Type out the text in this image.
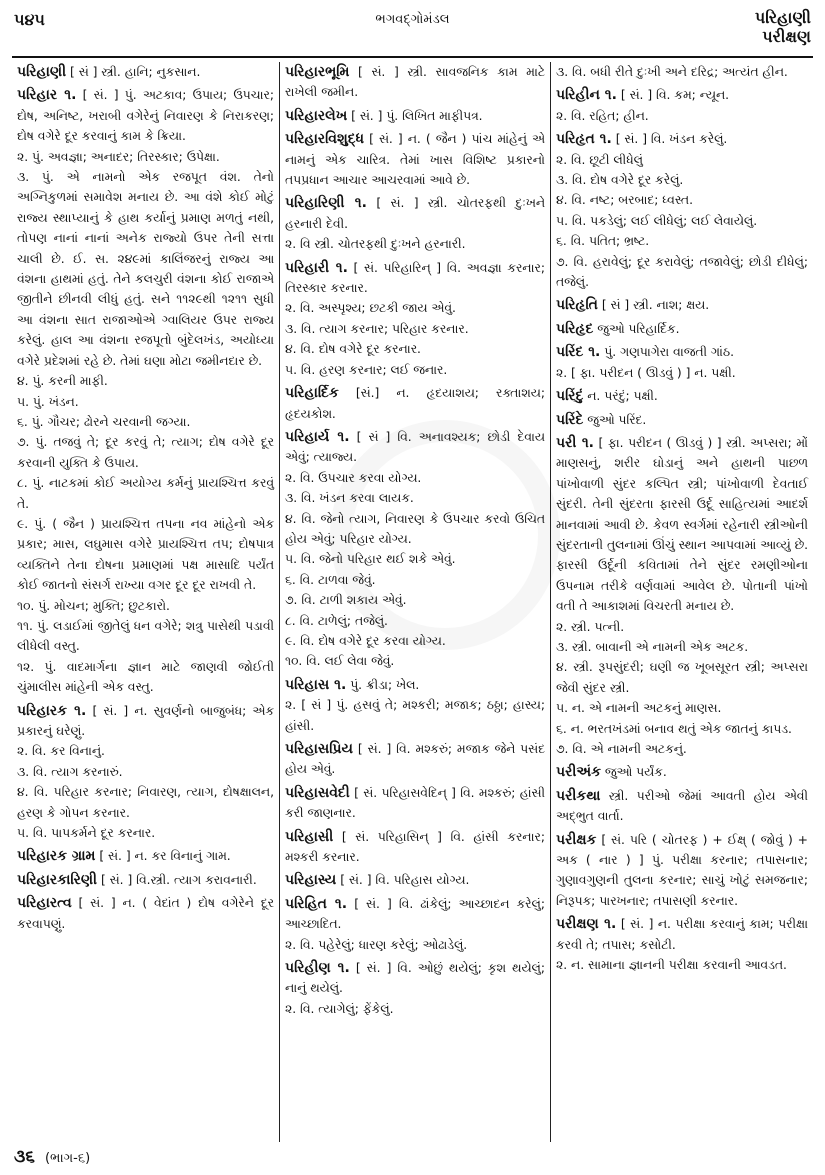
૫૪૫	ભગવદ્ગોમંડલ	પરિહાણી
પરીક્ષણ
પરિહાણી [ સં ] સ્ત્રી. હાનિ; નુકસાન.
પરિહાર ૧. [ સં. ] પું. અટકાવ; ઉપાય; ઉપચાર; દોષ, અનિષ્ટ, ખરાબી વગેરેનું નિવારણ કે નિરાકરણ; દોષ વગેરે દૂર કરવાનું કામ કે ક્રિયા.
૨. પું. અવજ્ઞા; અનાદર; તિરસ્કાર; ઉપેક્ષા.
૩. પું. એ નામનો એક રજપૂત વંશ. તેનો અગ્નિકુળમાં સમાવેશ મનાય છે. આ વંશે કોઈ મોટું રાજ્ય સ્થાપ્યાનું કે હાથ કર્યાનું પ્રમાણ મળતું નથી, તોપણ નાનાં નાનાં અનેક રાજ્યો ઉપર તેની સત્તા ચાલી છે. ઈ. સ. ૨૪૯માં કાલિંજરનું રાજ્ય આ વંશના હાથમાં હતું. તેને કલચુરી વંશના કોઈ રાજાએ જીતીને છીનવી લીધું હતું. સને ૧૧૨૯થી ૧૨૧૧ સુધી આ વંશના સાત રાજાઓએ ગ્વાલિયર ઉપર રાજ્ય કરેલું. હાલ આ વંશના રજપૂતો બુંદેલખંડ, અયોધ્યા વગેરે પ્રદેશમાં રહે છે. તેમાં ઘણા મોટા જમીનદાર છે.
૪. પું. કરની માફી.
૫. પું. ખંડન.
૬. પું. ગૌચર; ઢોરને ચરવાની જગ્યા.
૭. પું. તજવું તે; દૂર કરવું તે; ત્યાગ; દોષ વગેરે દૂર કરવાની યુક્તિ કે ઉપાય.
૮. પું. નાટકમાં કોઈ અયોગ્ય કર્મનું પ્રાયશ્ચિત્ત કરવું તે.
૯. પું. ( જૈન ) પ્રાયશ્ચિત્ત તપના નવ માંહેનો એક પ્રકાર; માસ, લઘુમાસ વગેરે પ્રાયશ્ચિત્ત તપ; દોષપાત્ર વ્યક્તિને તેના દોષના પ્રમાણમાં પક્ષ માસાદિ પર્યંત કોઈ જાતનો સંસર્ગ રાખ્યા વગર દૂર દૂર રાખવી તે.
૧૦. પું. મોચન; મુક્તિ; છુટકારો.
૧૧. પું. લડાઈમાં જીતેલું ધન વગેરે; શત્રુ પાસેથી પડાવી લીધેલી વસ્તુ.
૧૨. પું. વાદમાર્ગના જ્ઞાન માટે જાણવી જોઈતી ચુંમાલીસ માંહેની એક વસ્તુ.
પરિહારક ૧. [ સં. ] ન. સુવર્ણનો બાજુબંધ; એક પ્રકારનું ઘરેણું.
૨. વિ. કર વિનાનું.
૩. વિ. ત્યાગ કરનારું.
૪. વિ. પરિહાર કરનાર; નિવારણ, ત્યાગ, દોષક્ષાલન, હરણ કે ગોપન કરનાર.
૫. વિ. પાપકર્મને દૂર કરનાર.
પરિહારક ગ્રામ [ સં. ] ન. કર વિનાનું ગામ.
પરિહારકારિણી [ સં. ] વિ.સ્ત્રી. ત્યાગ કરાવનારી.
પરિહારત્વ [ સં. ] ન. ( વેદાંત ) દોષ વગેરેને દૂર કરવાપણું.
પરિહારભૂમિ [ સં. ] સ્ત્રી. સાવજનિક કામ માટે રાખેલી જમીન.
પરિહારલેખ [ સં. ] પું. લિખિત માફીપત્ર.
પરિહારવિશુદ્ધ [ સં. ] ન. ( જૈન ) પાંચ માંહેનું એ નામનું એક ચારિત્ર. તેમાં ખાસ વિશિષ્ટ પ્રકારનો તપપ્રધાન આચાર આચરવામાં આવે છે.
પરિહારિણી ૧. [ સં. ] સ્ત્રી. ચોતરફથી દુઃખને હરનારી દેવી.
૨. વિ સ્ત્રી. ચોતરફથી દુઃખને હરનારી.
પરિહારી ૧. [ સં. પરિહારિન્ ] વિ. અવજ્ઞા કરનાર; તિરસ્કાર કરનાર.
૨. વિ. અસ્પૃશ્ય; છટકી જાય એવું.
૩. વિ. ત્યાગ કરનાર; પરિહાર કરનાર.
૪. વિ. દોષ વગેરે દૂર કરનાર.
૫. વિ. હરણ કરનાર; લઈ જનાર.
પરિહાર્દિક [સં.] ન. હૃદયાશય; રક્તાશય; હૃદયકોશ.
પરિહાર્ય ૧. [ સં ] વિ. અનાવશ્યક; છોડી દેવાય એવું; ત્યાજ્ય.
૨. વિ. ઉપચાર કરવા યોગ્ય.
૩. વિ. ખંડન કરવા લાયક.
૪. વિ. જેનો ત્યાગ, નિવારણ કે ઉપચાર કરવો ઉચિત હોય એવું; પરિહાર યોગ્ય.
૫. વિ. જેનો પરિહાર થઈ શકે એવું.
૬. વિ. ટાળવા જેવું.
૭. વિ. ટાળી શકાય એવું.
૮. વિ. ટાળેલું; તજેલું.
૯. વિ. દોષ વગેરે દૂર કરવા યોગ્ય.
૧૦. વિ. લઈ લેવા જેવું.
પરિહાસ ૧. પું. ક્રીડા; ખેલ.
૨. [ સં ] પું. હસવું તે; મશ્કરી; મજાક; ઠઠ્ઠા; હાસ્ય; હાંસી.
પરિહાસપ્રિય [ સં. ] વિ. મશ્કરું; મજાક જેને પસંદ હોય એવું.
પરિહાસવેદી [ સં. પરિહાસવેદિન્ ] વિ. મશ્કરું; હાંસી કરી જાણનાર.
પરિહાસી [ સં. પરિહાસિન્ ] વિ. હાંસી કરનાર; મશ્કરી કરનાર.
પરિહાસ્ય [ સં. ] વિ. પરિહાસ યોગ્ય.
પરિહિત ૧. [ સં. ] વિ. ઢાંકેલું; આચ્છાદન કરેલું; આચ્છાદિત.
૨. વિ. પહેરેલું; ધારણ કરેલું; ઓઢાડેલું.
પરિહીણ ૧. [ સં. ] વિ. ઓછું થયેલું; કૃશ થયેલું; નાનું થયેલું.
૨. વિ. ત્યાગેલું; ફેંકેલું.
૩. વિ. બધી રીતે દુઃખી અને દરિદ્ર; અત્યંત હીન.
પરિહીન ૧. [ સં. ] વિ. કમ; ન્યૂન.
૨. વિ. રહિત; હીન.
પરિહૃત ૧. [ સં. ] વિ. ખંડન કરેલું.
૨. વિ. છૂટી લીધેલું
૩. વિ. દોષ વગેરે દૂર કરેલું.
૪. વિ. નષ્ટ; બરબાદ; ધ્વસ્ત.
૫. વિ. પકડેલું; લઈ લીધેલું; લઈ લેવાયેલું.
૬. વિ. પતિત; ભ્રષ્ટ.
૭. વિ. હરાવેલું; દૂર કરાવેલું; તજાવેલું; છોડી દીધેલું; તજેલું.
પરિહૃતિ [ સં ] સ્ત્રી. નાશ; ક્ષય.
પરિહૃદ જુઓ પરિહાર્દિક.
પરિંદ ૧. પું. ગણપાગેરા વાજતી ગાંઠ.
૨. [ ફા. પરીદન ( ઊડવું ) ] ન. પક્ષી.
પરિંદું ન. પરંદું; પક્ષી.
પરિંદે જુઓ પરિંદ.
પરી ૧. [ ફા. પરીદન ( ઊડવું ) ] સ્ત્રી. અપ્સરા; મોં માણસનું, શરીર ઘોડાનું અને હાથની પાછળ પાંખોવાળી સુંદર કલ્પિત સ્ત્રી; પાંખોવાળી દેવતાઈ સુંદરી. તેની સુંદરતા ફારસી ઉર્દૂ સાહિત્યમાં આદર્શ માનવામાં આવી છે. કેવળ સ્વર્ગમાં રહેનારી સ્ત્રીઓની સુંદરતાની તુલનામાં ઊંચું સ્થાન આપવામાં આવ્યું છે. ફારસી ઉર્દૂની કવિતામાં તેને સુંદર રમણીઓના ઉપનામ તરીકે વર્ણવામાં આવેલ છે. પોતાની પાંખો વતી તે આકાશમાં વિચરતી મનાય છે.
૨. સ્ત્રી. પત્ની.
૩. સ્ત્રી. બાવાની એ નામની એક અટક.
૪. સ્ત્રી. રૂપસુંદરી; ઘણી જ ખૂબસૂરત સ્ત્રી; અપ્સરા જેવી સુંદર સ્ત્રી.
૫. ન. એ નામની અટકનું માણસ.
૬. ન. ભરતખંડમાં બનાવ થતું એક જાતનું કાપડ.
૭. વિ. એ નામની અટકનું.
પરીઅંક જુઓ પર્યંક.
પરીકથા સ્ત્રી. પરીઓ જેમાં આવતી હોય એવી અદ્ભુત વાર્તા.
પરીક્ષક [ સં. પરિ ( ચોતરફ ) + ઈક્ષ્ ( જોવું ) + અક ( નાર ) ] પું. પરીક્ષા કરનાર; તપાસનાર; ગુણાવગુણની તુલના કરનાર; સાચું ખોટું સમજનાર; નિરૂપક; પારખનાર; તપાસણી કરનાર.
પરીક્ષણ ૧. [ સં. ] ન. પરીક્ષા કરવાનું કામ; પરીક્ષા કરવી તે; તપાસ; કસોટી.
૨. ન. સામાના જ્ઞાનની પરીક્ષા કરવાની આવડત.
૩૬ (ભાગ-૬)
